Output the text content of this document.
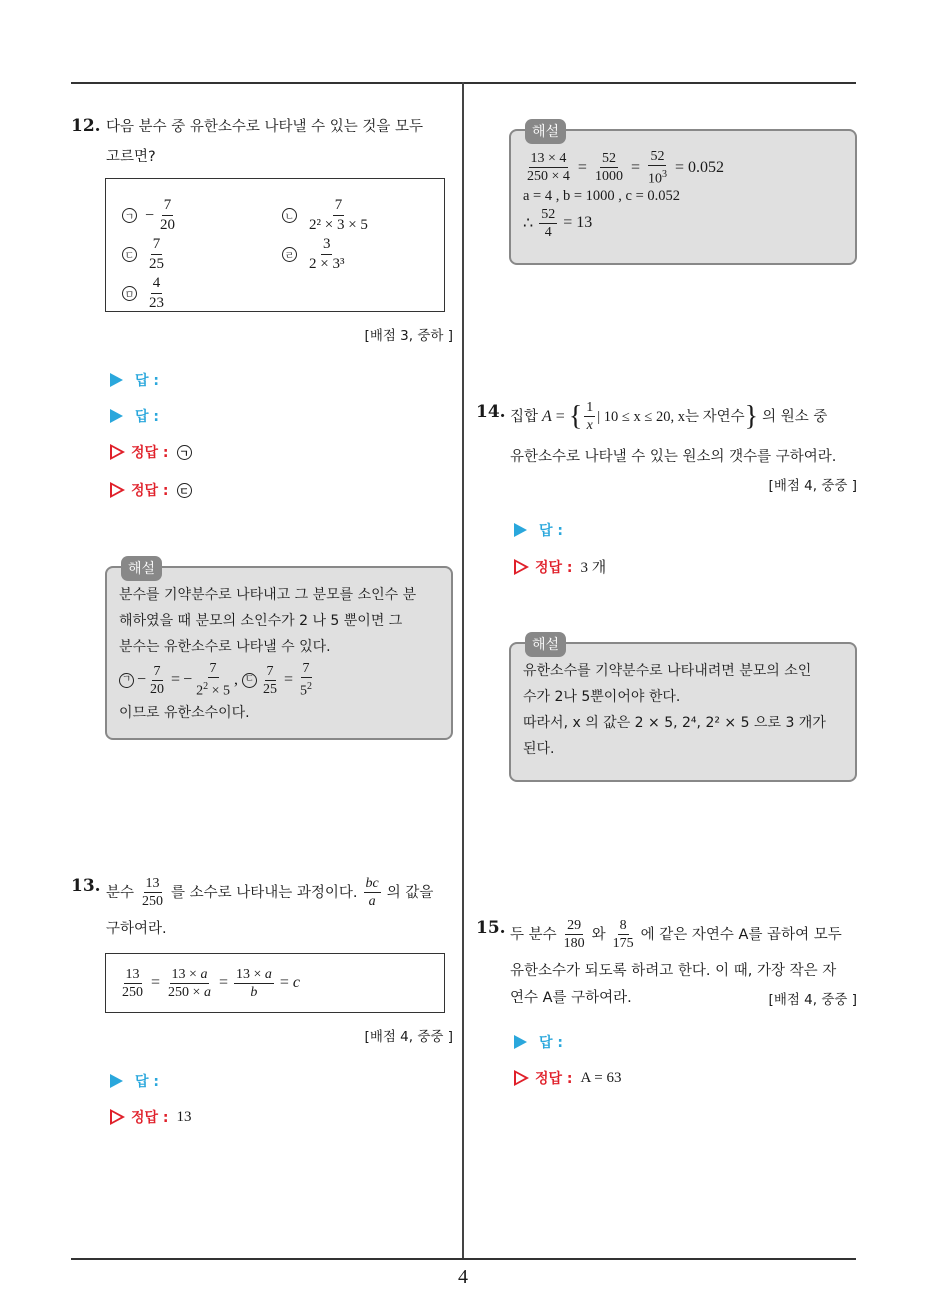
4
12. 다음 분수 중 유한소수로 나타낼 수 있는 것을 모두
고르면?
ㄱ − $\frac{7}{20}$	ㄴ $\frac{7}{\text{2² × 3 × 5}}$
ㄷ $\frac{7}{25}$	ㄹ $\frac{3}{\text{2 × 3³}}$
ㅁ $\frac{4}{23}$
[배점 3, 중하 ]
답 :
답 :
정답 : ㄱ
정답 : ㄷ
해설
분수를 기약분수로 나타내고 그 분모를 소인수 분
해하였을 때 분모의 소인수가 2 나 5 뿐이면 그
분수는 유한소수로 나타낼 수 있다.
ㄱ − $\frac{7}{20}$ = − $\frac{7}{2^2 \times 5}$ , ㄷ $\frac{7}{25} = \frac{7}{5^2}$
이므로 유한소수이다.
13. 분수 $\frac{13}{250}$ 를 소수로 나타내는 과정이다. $\frac{bc}{a}$ 의 값을
구하여라.
$\frac{13}{250} = \frac{13 \times a}{250 \times a} = \frac{13 \times a}{b} = c$
[배점 4, 중중 ]
답 :
정답 : 13
해설
$\frac{13 \times 4}{250 \times 4} = \frac{52}{1000} = \frac{52}{10^3} = 0.052$
a = 4 , b = 1000 , c = 0.052
∴ $\frac{52}{4} = 13$
14. 집합 A = { $\frac{1}{x}$ | 10 ≤ x ≤ 20, x는 자연수 } 의 원소 중
유한소수로 나타낼 수 있는 원소의 갯수를 구하여라.
[배점 4, 중중 ]
답 :
정답 : 3 개
해설
유한소수를 기약분수로 나타내려면 분모의 소인
수가 2나 5뿐이어야 한다.
따라서, x 의 값은 2 × 5, 2⁴, 2² × 5 으로 3 개가
된다.
15. 두 분수 $\frac{29}{180}$ 와 $\frac{8}{175}$ 에 같은 자연수 A를 곱하여 모두
유한소수가 되도록 하려고 한다. 이 때, 가장 작은 자
연수 A를 구하여라.	[배점 4, 중중 ]
답 :
정답 : A = 63
